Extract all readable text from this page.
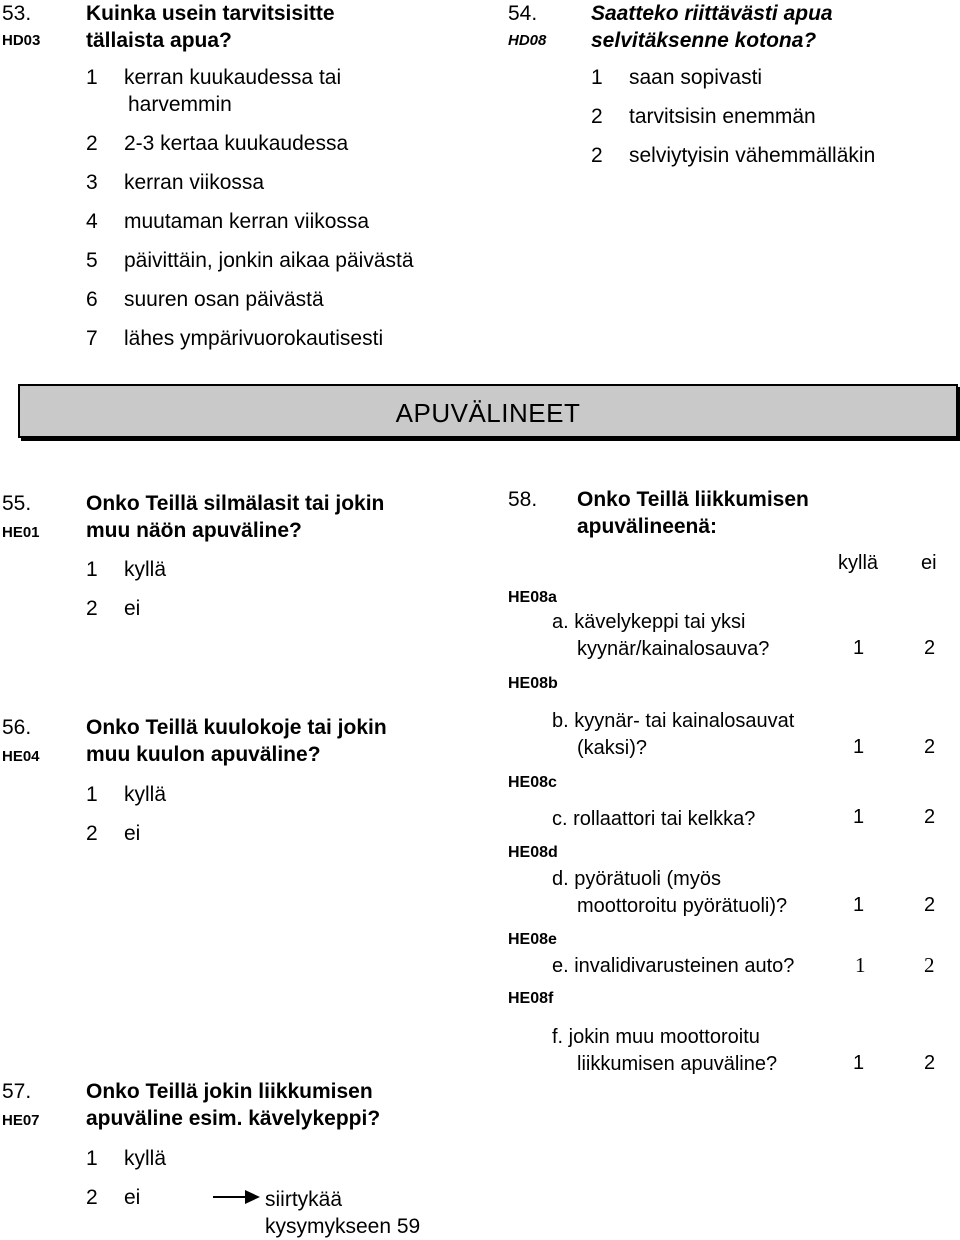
53.
HD03
Kuinka usein tarvitsisitte
tällaista apua?
1 kerran kuukaudessa tai
harvemmin
2 2-3 kertaa kuukaudessa
3 kerran viikossa
4 muutaman kerran viikossa
5 päivittäin, jonkin aikaa päivästä
6 suuren osan päivästä
7 lähes ympärivuorokautisesti
54.
HD08
Saatteko riittävästi apua
selvitäksenne kotona?
1 saan sopivasti
2 tarvitsisin enemmän
2 selviytyisin vähemmälläkin
APUVÄLINEET
55.
HE01
Onko Teillä silmälasit tai jokin
muu näön apuväline?
1 kyllä
2 ei
56.
HE04
Onko Teillä kuulokoje tai jokin
muu kuulon apuväline?
1 kyllä
2 ei
57.
HE07
Onko Teillä jokin liikkumisen
apuväline esim. kävelykeppi?
1 kyllä
2 ei	siirtykää
kysymykseen 59
58. Onko Teillä liikkumisen
apuvälineenä:
kyllä ei
HE08a
a. kävelykeppi tai yksi
kyynär/kainalosauva?	1	2
HE08b
b. kyynär- tai kainalosauvat
(kaksi)?	1	2
HE08c
c. rollaattori tai kelkka?	1	2
HE08d
d. pyörätuoli (myös
moottoroitu pyörätuoli)?	1	2
HE08e
e. invalidivarusteinen auto?	1	2
HE08f
f. jokin muu moottoroitu
liikkumisen apuväline?	1	2
